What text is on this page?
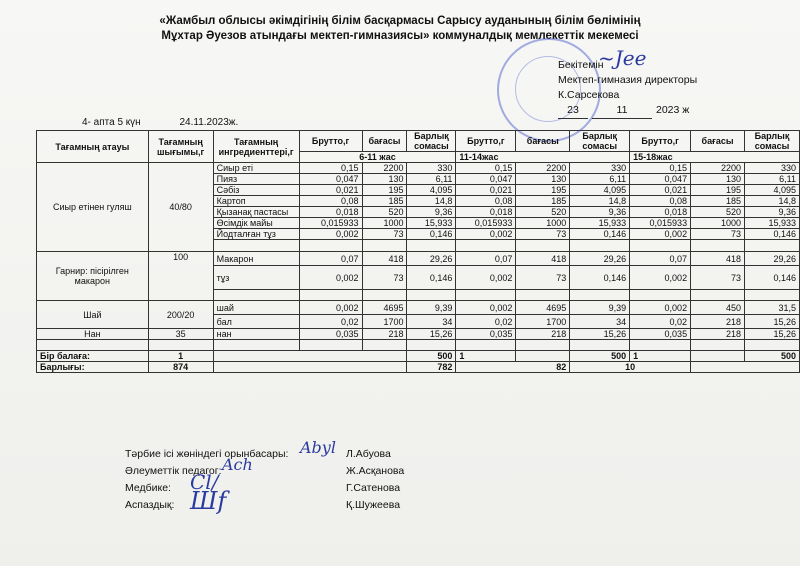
«Жамбыл облысы әкімдігінің білім басқармасы Сарысу ауданының білім бөлімінің
Мұхтар Әуезов атындағы мектеп-гимназиясы» коммуналдық мемлекеттік мекемесі
Бекітемін
Мектеп-гимназия директоры
К.Сарсекова
23	11	2023 ж
~Jee
4- апта 5 күн	24.11.2023ж.
Тағамның атауы	Тағамның шығымы,г	Тағамның ингредиенттері,г	Брутто,г	бағасы	Барлық сомасы	Брутто,г	бағасы	Барлық сомасы	Брутто,г	бағасы	Барлық сомасы
			6-11 жас			11-14жас			15-18жас		
Сиыр етінен гуляш	40/80	Сиыр еті	0,15	2200	330	0,15	2200	330	0,15	2200	330
		Пияз	0,047	130	6,11	0,047	130	6,11	0,047	130	6,11
		Сәбіз	0,021	195	4,095	0,021	195	4,095	0,021	195	4,095
		Картоп	0,08	185	14,8	0,08	185	14,8	0,08	185	14,8
		Қызанақ пастасы	0,018	520	9,36	0,018	520	9,36	0,018	520	9,36
		Өсімдік майы	0,015933	1000	15,933	0,015933	1000	15,933	0,015933	1000	15,933
		Йодталған тұз	0,002	73	0,146	0,002	73	0,146	0,002	73	0,146

Гарнир: пісірілген макарон	100	Макарон	0,07	418	29,26	0,07	418	29,26	0,07	418	29,26
		тұз	0,002	73	0,146	0,002	73	0,146	0,002	73	0,146

Шай	200/20	шай	0,002	4695	9,39	0,002	4695	9,39	0,002	450	31,5
		бал	0,02	1700	34	0,02	1700	34	0,02	218	15,26
Нан	35	нан	0,035	218	15,26	0,035	218	15,26	0,035	218	15,26

Бір балаға:	1				500	1		500	1		500
Барлығы:	874				782	82		10			
Тәрбие ісі жөніндегі орынбасары:	Л.Абуова
Әлеуметтік педагог:	Ж.Асқанова
Медбике:	Г.Сатенова
Аспаздық:	Қ.Шужеева
Abyl
Aсh
Сl/
Шf
